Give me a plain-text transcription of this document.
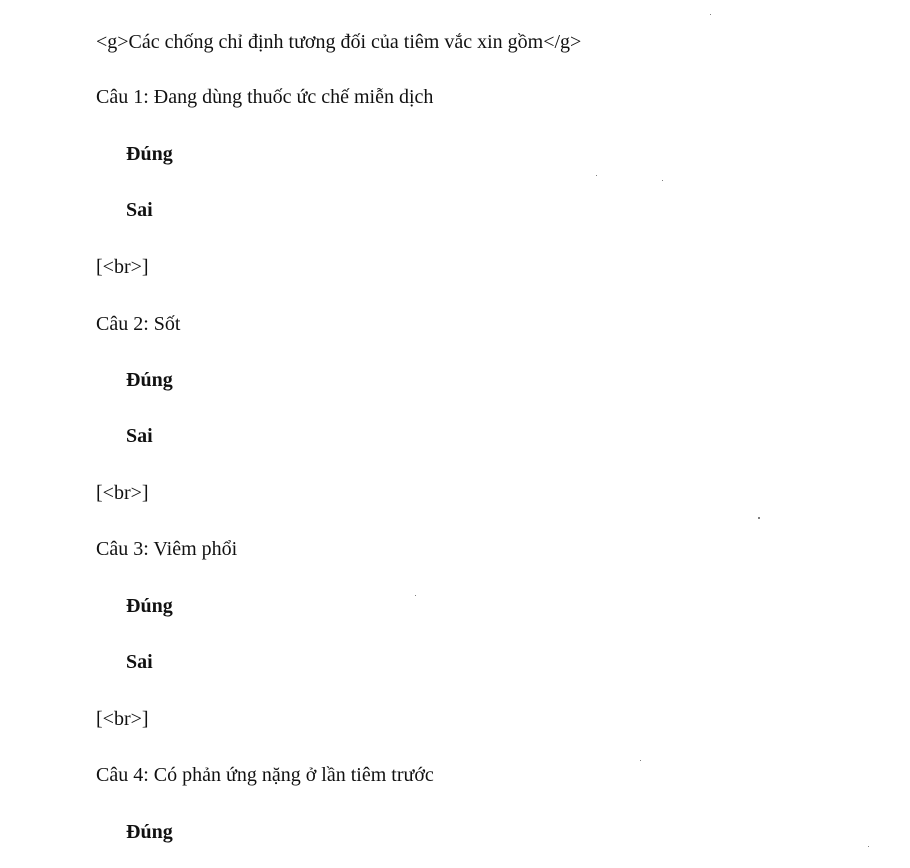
<g>Các chống chỉ định tương đối của tiêm vắc xin gồm</g>
Câu 1: Đang dùng thuốc ức chế miễn dịch
Đúng
Sai
[<br>]
Câu 2: Sốt
Đúng
Sai
[<br>]
Câu 3: Viêm phổi
Đúng
Sai
[<br>]
Câu 4: Có phản ứng nặng ở lần tiêm trước
Đúng
